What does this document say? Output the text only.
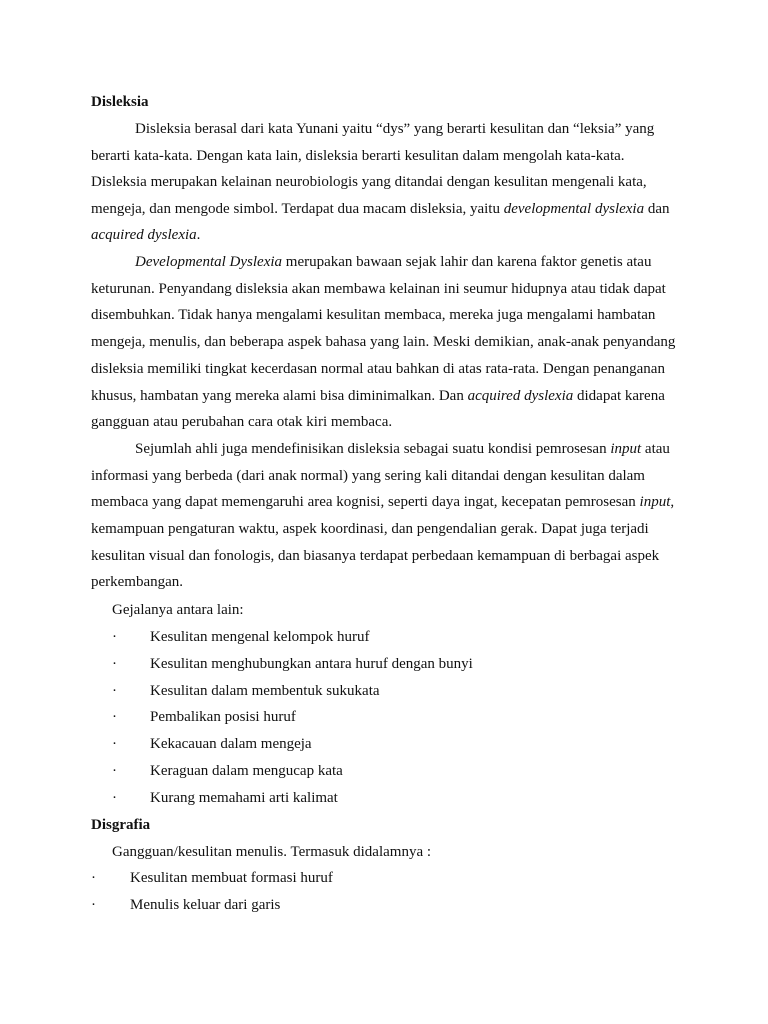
Disleksia
Disleksia berasal dari kata Yunani yaitu “dys” yang berarti kesulitan dan “leksia” yang
berarti kata-kata. Dengan kata lain, disleksia berarti kesulitan dalam mengolah kata-kata.
Disleksia merupakan kelainan neurobiologis yang ditandai dengan kesulitan mengenali kata,
mengeja, dan mengode simbol. Terdapat dua macam disleksia, yaitu developmental dyslexia dan
acquired dyslexia.
Developmental Dyslexia merupakan bawaan sejak lahir dan karena faktor genetis atau
keturunan. Penyandang disleksia akan membawa kelainan ini seumur hidupnya atau tidak dapat
disembuhkan. Tidak hanya mengalami kesulitan membaca, mereka juga mengalami hambatan
mengeja, menulis, dan beberapa aspek bahasa yang lain. Meski demikian, anak-anak penyandang
disleksia memiliki tingkat kecerdasan normal atau bahkan di atas rata-rata. Dengan penanganan
khusus, hambatan yang mereka alami bisa diminimalkan. Dan acquired dyslexia didapat karena
gangguan atau perubahan cara otak kiri membaca.
Sejumlah ahli juga mendefinisikan disleksia sebagai suatu kondisi pemrosesan input atau
informasi yang berbeda (dari anak normal) yang sering kali ditandai dengan kesulitan dalam
membaca yang dapat memengaruhi area kognisi, seperti daya ingat, kecepatan pemrosesan input,
kemampuan pengaturan waktu, aspek koordinasi, dan pengendalian gerak. Dapat juga terjadi
kesulitan visual dan fonologis, dan biasanya terdapat perbedaan kemampuan di berbagai aspek
perkembangan.
Gejalanya antara lain:
· Kesulitan mengenal kelompok huruf
· Kesulitan menghubungkan antara huruf dengan bunyi
· Kesulitan dalam membentuk sukukata
· Pembalikan posisi huruf
· Kekacauan dalam mengeja
· Keraguan dalam mengucap kata
· Kurang memahami arti kalimat
Disgrafia
Gangguan/kesulitan menulis. Termasuk didalamnya :
· Kesulitan membuat formasi huruf
· Menulis keluar dari garis
